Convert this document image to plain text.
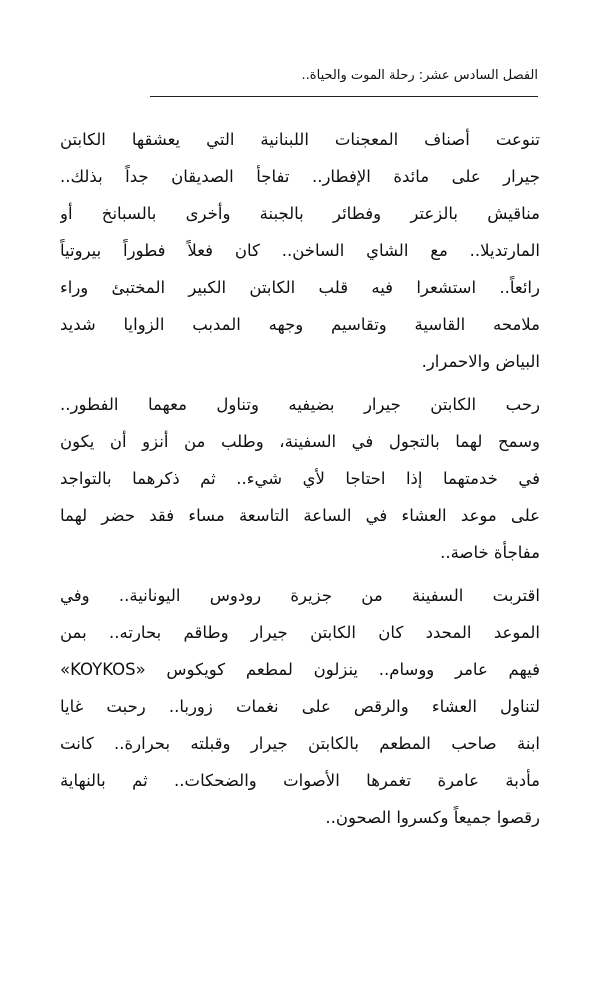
الفصل السادس عشر: رحلة الموت والحياة..
تنوعت أصناف المعجنات اللبنانية التي يعشقها الكابتن
جيرار على مائدة الإفطار.. تفاجأ الصديقان جداً بذلك..
مناقيش بالزعتر وفطائر بالجبنة وأخرى بالسبانخ أو
المارتديلا.. مع الشاي الساخن.. كان فعلاً فطوراً بيروتياً
رائعاً.. استشعرا فيه قلب الكابتن الكبير المختبئ وراء
ملامحه القاسية وتقاسيم وجهه المدبب الزوايا شديد
البياض والاحمرار.
رحب الكابتن جيرار بضيفيه وتناول معهما الفطور..
وسمح لهما بالتجول في السفينة، وطلب من أنزو أن يكون
في خدمتهما إذا احتاجا لأي شيء.. ثم ذكرهما بالتواجد
على موعد العشاء في الساعة التاسعة مساء فقد حضر لهما
مفاجأة خاصة..
اقتربت السفينة من جزيرة رودوس اليونانية.. وفي
الموعد المحدد كان الكابتن جيرار وطاقم بحارته.. بمن
فيهم عامر ووسام.. ينزلون لمطعم كويكوس «KOYKOS»
لتناول العشاء والرقص على نغمات زوربا.. رحبت غايا
ابنة صاحب المطعم بالكابتن جيرار وقبلته بحرارة.. كانت
مأدبة عامرة تغمرها الأصوات والضحكات.. ثم بالنهاية
رقصوا جميعاً وكسروا الصحون..
